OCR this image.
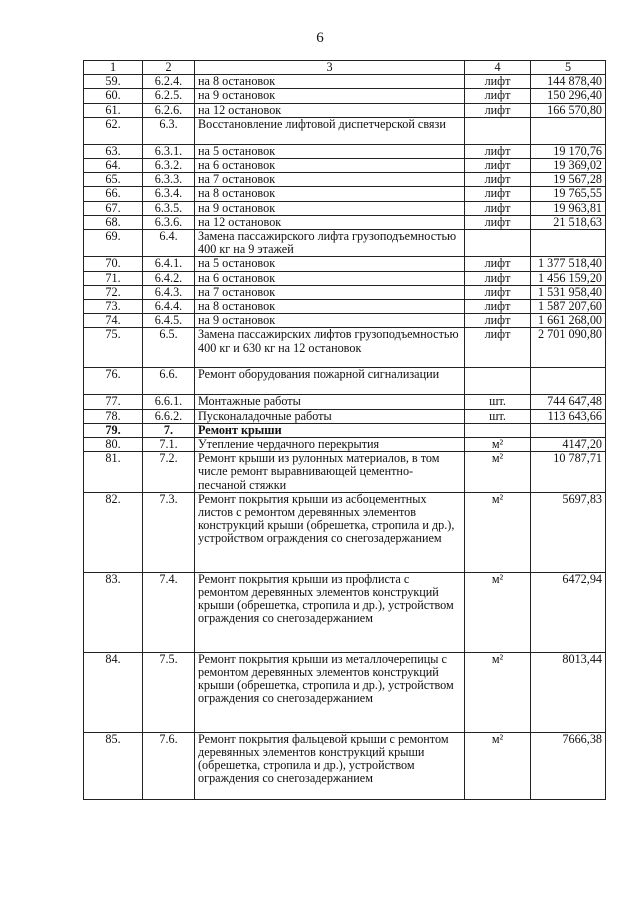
6
1	2	3	4	5
59.	6.2.4.	на 8 остановок	лифт	144 878,40
60.	6.2.5.	на 9 остановок	лифт	150 296,40
61.	6.2.6.	на 12 остановок	лифт	166 570,80
62.	6.3.	Восстановление лифтовой диспетчерской связи		
63.	6.3.1.	на 5 остановок	лифт	19 170,76
64.	6.3.2.	на 6 остановок	лифт	19 369,02
65.	6.3.3.	на 7 остановок	лифт	19 567,28
66.	6.3.4.	на 8 остановок	лифт	19 765,55
67.	6.3.5.	на 9 остановок	лифт	19 963,81
68.	6.3.6.	на 12 остановок	лифт	21 518,63
69.	6.4.	Замена пассажирского лифта грузоподъемностью 400 кг на 9 этажей		
70.	6.4.1.	на 5 остановок	лифт	1 377 518,40
71.	6.4.2.	на 6 остановок	лифт	1 456 159,20
72.	6.4.3.	на 7 остановок	лифт	1 531 958,40
73.	6.4.4.	на 8 остановок	лифт	1 587 207,60
74.	6.4.5.	на 9 остановок	лифт	1 661 268,00
75.	6.5.	Замена пассажирских лифтов грузоподъемностью 400 кг и 630 кг на 12 остановок	лифт	2 701 090,80
76.	6.6.	Ремонт оборудования пожарной сигнализации		
77.	6.6.1.	Монтажные работы	шт.	744 647,48
78.	6.6.2.	Пусконаладочные работы	шт.	113 643,66
79.	7.	Ремонт крыши		
80.	7.1.	Утепление чердачного перекрытия	м²	4147,20
81.	7.2.	Ремонт крыши из рулонных материалов, в том числе ремонт выравнивающей цементно-песчаной стяжки	м²	10 787,71
82.	7.3.	Ремонт покрытия крыши из асбоцементных листов с ремонтом деревянных элементов конструкций крыши (обрешетка, стропила и др.), устройством ограждения со снегозадержанием	м²	5697,83
83.	7.4.	Ремонт покрытия крыши из профлиста с ремонтом деревянных элементов конструкций крыши (обрешетка, стропила и др.), устройством ограждения со снегозадержанием	м²	6472,94
84.	7.5.	Ремонт покрытия крыши из металлочерепицы с ремонтом деревянных элементов конструкций крыши (обрешетка, стропила и др.), устройством ограждения со снегозадержанием	м²	8013,44
85.	7.6.	Ремонт покрытия фальцевой крыши с ремонтом деревянных элементов конструкций крыши (обрешетка, стропила и др.), устройством ограждения со снегозадержанием	м²	7666,38
